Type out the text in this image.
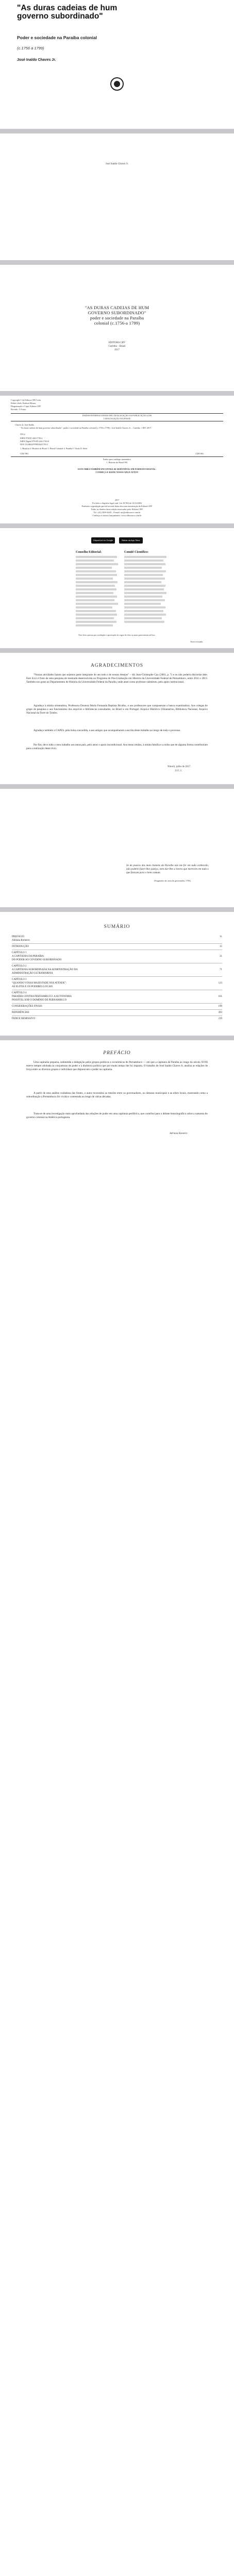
"As duras cadeias de hum governo subordinado"
Poder e sociedade na Paraíba colonial
(c.1756 a 1799)
José Inaldo Chaves Jr.
José Inaldo Chaves Jr.
"AS DURAS CADEIAS DE HUM
GOVERNO SUBORDINADO"
poder e sociedade na Paraíba
colonial (c.1756-a 1799)
EDITORA CRV
Curitiba – Brasil
2017
Copyright © da Editora CRV Ltda.
Editor-chefe: Railson Moura
Diagramação e Capa: Editora CRV
Revisão: O Autor
DADOS INTERNACIONAIS DE CATALOGAÇÃO NA PUBLICAÇÃO (CIP)
CATALOGAÇÃO NA FONTE
Chaves Jr, José Inaldo
"As duras cadeias de hum governo subordinado": poder e sociedade na Paraíba colonial (c.1756 a 1799) / José Inaldo Chaves Jr. – Curitiba : CRV, 2017.
222 p.
ISBN 978-85-444-1739-4
ISBN Digital 978-85-444-1740-0
DOI 10.24824/978854441739.4
1. História 2. História do Brasil 3. Brasil Colonial 4. Paraíba I. Título II. Série
CDU 981	CDD 981
Índice para catálogo sistemático
1. História do Brasil 981
ESTA OBRA TAMBÉM ENCONTRA-SE DISPONÍVEL EM FORMATO DIGITAL.
CONHEÇA E BAIXE NOSSO APLICATIVO!
2017
Foi feito o depósito legal conf. Lei 10.994 de 14/12/2004
Proibida a reprodução parcial ou total desta obra sem autorização da Editora CRV
Todos os direitos desta edição reservados pela: Editora CRV
Tel.: (41) 3039-6418 – E-mail: sac@editoracrv.com.br
Conheça os nossos lançamentos: www.editoracrv.com.br
Disponível no Google Play
Baixar na App Store
Conselho Editorial:	Comitê Científico:
Este livro passou por avaliação e aprovação às cegas de dois ou mais pareceristas ad hoc.
Texto revisado.
AGRADECIMENTOS
"Nossas atividades fazem que sejamos parte integrante de um todo e de nossos desejos" – diz Jean-Christophe Gay (2001, p. 7) e eu não poderia discordar dele. Este livro é fruto de uma pesquisa de mestrado desenvolvida no Programa de Pós-Graduação em História da Universidade Federal de Pernambuco, entre 2011 e 2013. Também sou grato ao Departamento de História da Universidade Federal da Paraíba, onde atuei como professor substituto, pelo apoio institucional.
Agradeço à minha orientadora, Professora Doutora Maria Fernanda Baptista Bicalho, e aos professores que compuseram a banca examinadora. Aos colegas do grupo de pesquisa e aos funcionários dos arquivos e bibliotecas consultados, no Brasil e em Portugal: Arquivo Histórico Ultramarino, Biblioteca Nacional, Arquivo Nacional da Torre do Tombo.
Agradeço também a CAPES, pela bolsa concedida, e aos amigos que acompanharam a escrita deste trabalho ao longo de todo o processo.
Por fim, devo todo o meu trabalho aos meus pais, pelo amor e apoio incondicional. Aos meus irmãos, à minha família e a todos que de alguma forma contribuíram para a realização deste livro.
Niterói, julho de 2017.
J.I.C.J.
Se de poucos dos mais homens da Paraíba não me for em tudo conhecido, não poderei fazer-lhes justiça, nem dar-lhes a honra que merecem em tudo o que fizeram para o bem comum.
(Fragmento de carta do governador, 1758)
SUMÁRIO
PREFÁCIO	11
Adriana Romeiro
INTRODUÇÃO	15
CAPÍTULO 1
A CAPITANIA DA PARAÍBA:	31
DO PODER AO GOVERNO SUBORDINADO
CAPÍTULO 2
A CAPITANIA SUBORDINADA NA ADMINISTRAÇÃO DA	71
ADMINISTRAÇÃO ULTRAMARINA
CAPÍTULO 3
"QUANDO VOSSA MAJESTADE NOS ATENDE":	113
AS ELITES E OS PODERES LOCAIS
CAPÍTULO 4
PARAÍBA CONTRA PERNAMBUCO: A AUTONOMIA	161
POSSÍVEL SOB O DOMÍNIO DE PERNAMBUCO
CONSIDERAÇÕES FINAIS	199
REFERÊNCIAS	203
ÍNDICE REMISSIVO	219
PREFÁCIO
Uma capitania pequena, submetida a delegação pelos grupos políticos e econômicos de Pernambuco — em que a capitania da Paraíba ao longo do século XVIII esteve sempre alinhada às conjunturas de poder e à dinâmica política que por muito tempo lhe foi imposta. O trabalho de José Inaldo Chaves Jr. analisa as relações de força entre os diversos grupos e indivíduos que disputavam o poder na capitania.
A partir de uma análise cuidadosa das fontes, o autor reconstitui as tensões entre os governadores, as câmaras municipais e as elites locais, mostrando como a subordinação a Pernambuco foi vivida e contestada ao longo de várias décadas.
Trata-se de uma investigação mais aprofundada das relações de poder em uma capitania periférica, que contribui para o debate historiográfico sobre a natureza do governo colonial na América portuguesa.
Adriana Romeiro
